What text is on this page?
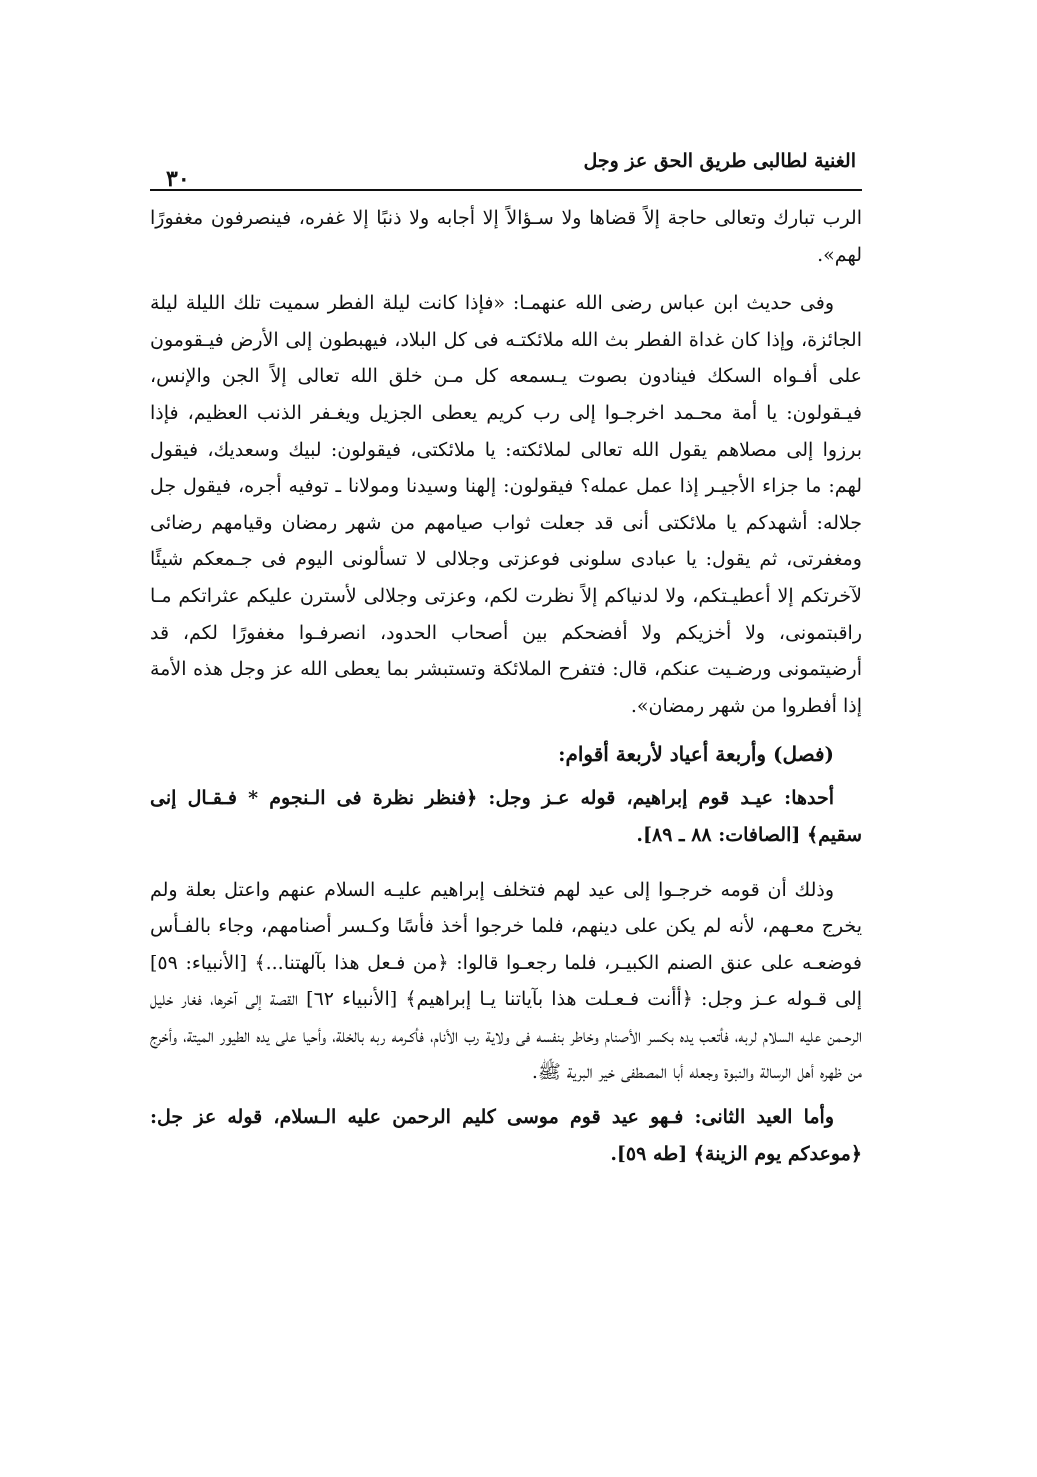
الغنية لطالبى طريق الحق عز وجل
٣٠

الرب تبارك وتعالى حاجة إلاً قضاها ولا سـؤالاً إلا أجابه ولا ذنبًا إلا غفره، فينصرفون مغفورًا لهم».

وفى حديث ابن عباس رضى الله عنهمـا: «فإذا كانت ليلة الفطر سميت تلك الليلة ليلة الجائزة، وإذا كان غداة الفطر بث الله ملائكتـه فى كل البلاد، فيهبطون إلى الأرض فيـقومون على أفـواه السكك فينادون بصوت يـسمعه كل مـن خلق الله تعالى إلاً الجن والإنس، فيـقولون: يا أمة محـمد اخرجـوا إلى رب كريم يعطى الجزيل ويغـفر الذنب العظيم، فإذا برزوا إلى مصلاهم يقول الله تعالى لملائكته: يا ملائكتى، فيقولون: لبيك وسعديك، فيقول لهم: ما جزاء الأجيـر إذا عمل عمله؟ فيقولون: إلهنا وسيدنا ومولانا ـ توفيه أجره، فيقول جل جلاله: أشهدكم يا ملائكتى أنى قد جعلت ثواب صيامهم من شهر رمضان وقيامهم رضائى ومغفرتى، ثم يقول: يا عبادى سلونى فوعزتى وجلالى لا تسألونى اليوم فى جـمعكم شيئًا لآخرتكم إلا أعطيـتكم، ولا لدنياكم إلاً نظرت لكم، وعزتى وجلالى لأسترن عليكم عثراتكم مـا راقبتمونى، ولا أخزيكم ولا أفضحكم بين أصحاب الحدود، انصرفـوا مغفورًا لكم، قد أرضيتمونى ورضـيت عنكم، قال: فتفرح الملائكة وتستبشر بما يعطى الله عز وجل هذه الأمة إذا أفطروا من شهر رمضان».

(فصل) وأربعة أعياد لأربعة أقوام:

أحدها: عيـد قوم إبراهيم، قوله عـز وجل: ﴿فنظر نظرة فى الـنجوم * فـقـال إنى سقيم﴾ [الصافات: ٨٨ ـ ٨٩].

وذلك أن قومه خرجـوا إلى عيد لهم فتخلف إبراهيم عليـه السلام عنهم واعتل بعلة ولم يخرج معـهم، لأنه لم يكن على دينهم، فلما خرجوا أخذ فأسًا وكـسر أصنامهم، وجاء بالفـأس فوضعـه على عنق الصنم الكبيـر، فلما رجعـوا قالوا: ﴿من فـعل هذا بآلهتنا...﴾ [الأنبياء: ٥٩] إلى قـوله عـز وجل: ﴿أأنت فـعـلت هذا بآياتنا يـا إبراهيم﴾ [الأنبياء ٦٢] القصة إلى آخرها، فغار خليل الرحـمن عليه السلام لربه، فأتعب يده بكسر الأصنام وخاطر بنفسه فى ولاية رب الأنام، فأكـرمه ربه بالخلة، وأحيا على يده الطيور الميتة، وأخرج من ظهره أهل الرسالة والنبوة وجعله أبا المصطفى خير البرية ﷺ.

وأما العيد الثانى: فـهو عيد قوم موسى كليم الرحمن عليه الـسلام، قوله عز جل: ﴿موعدكم يوم الزينة﴾ [طه ٥٩].
